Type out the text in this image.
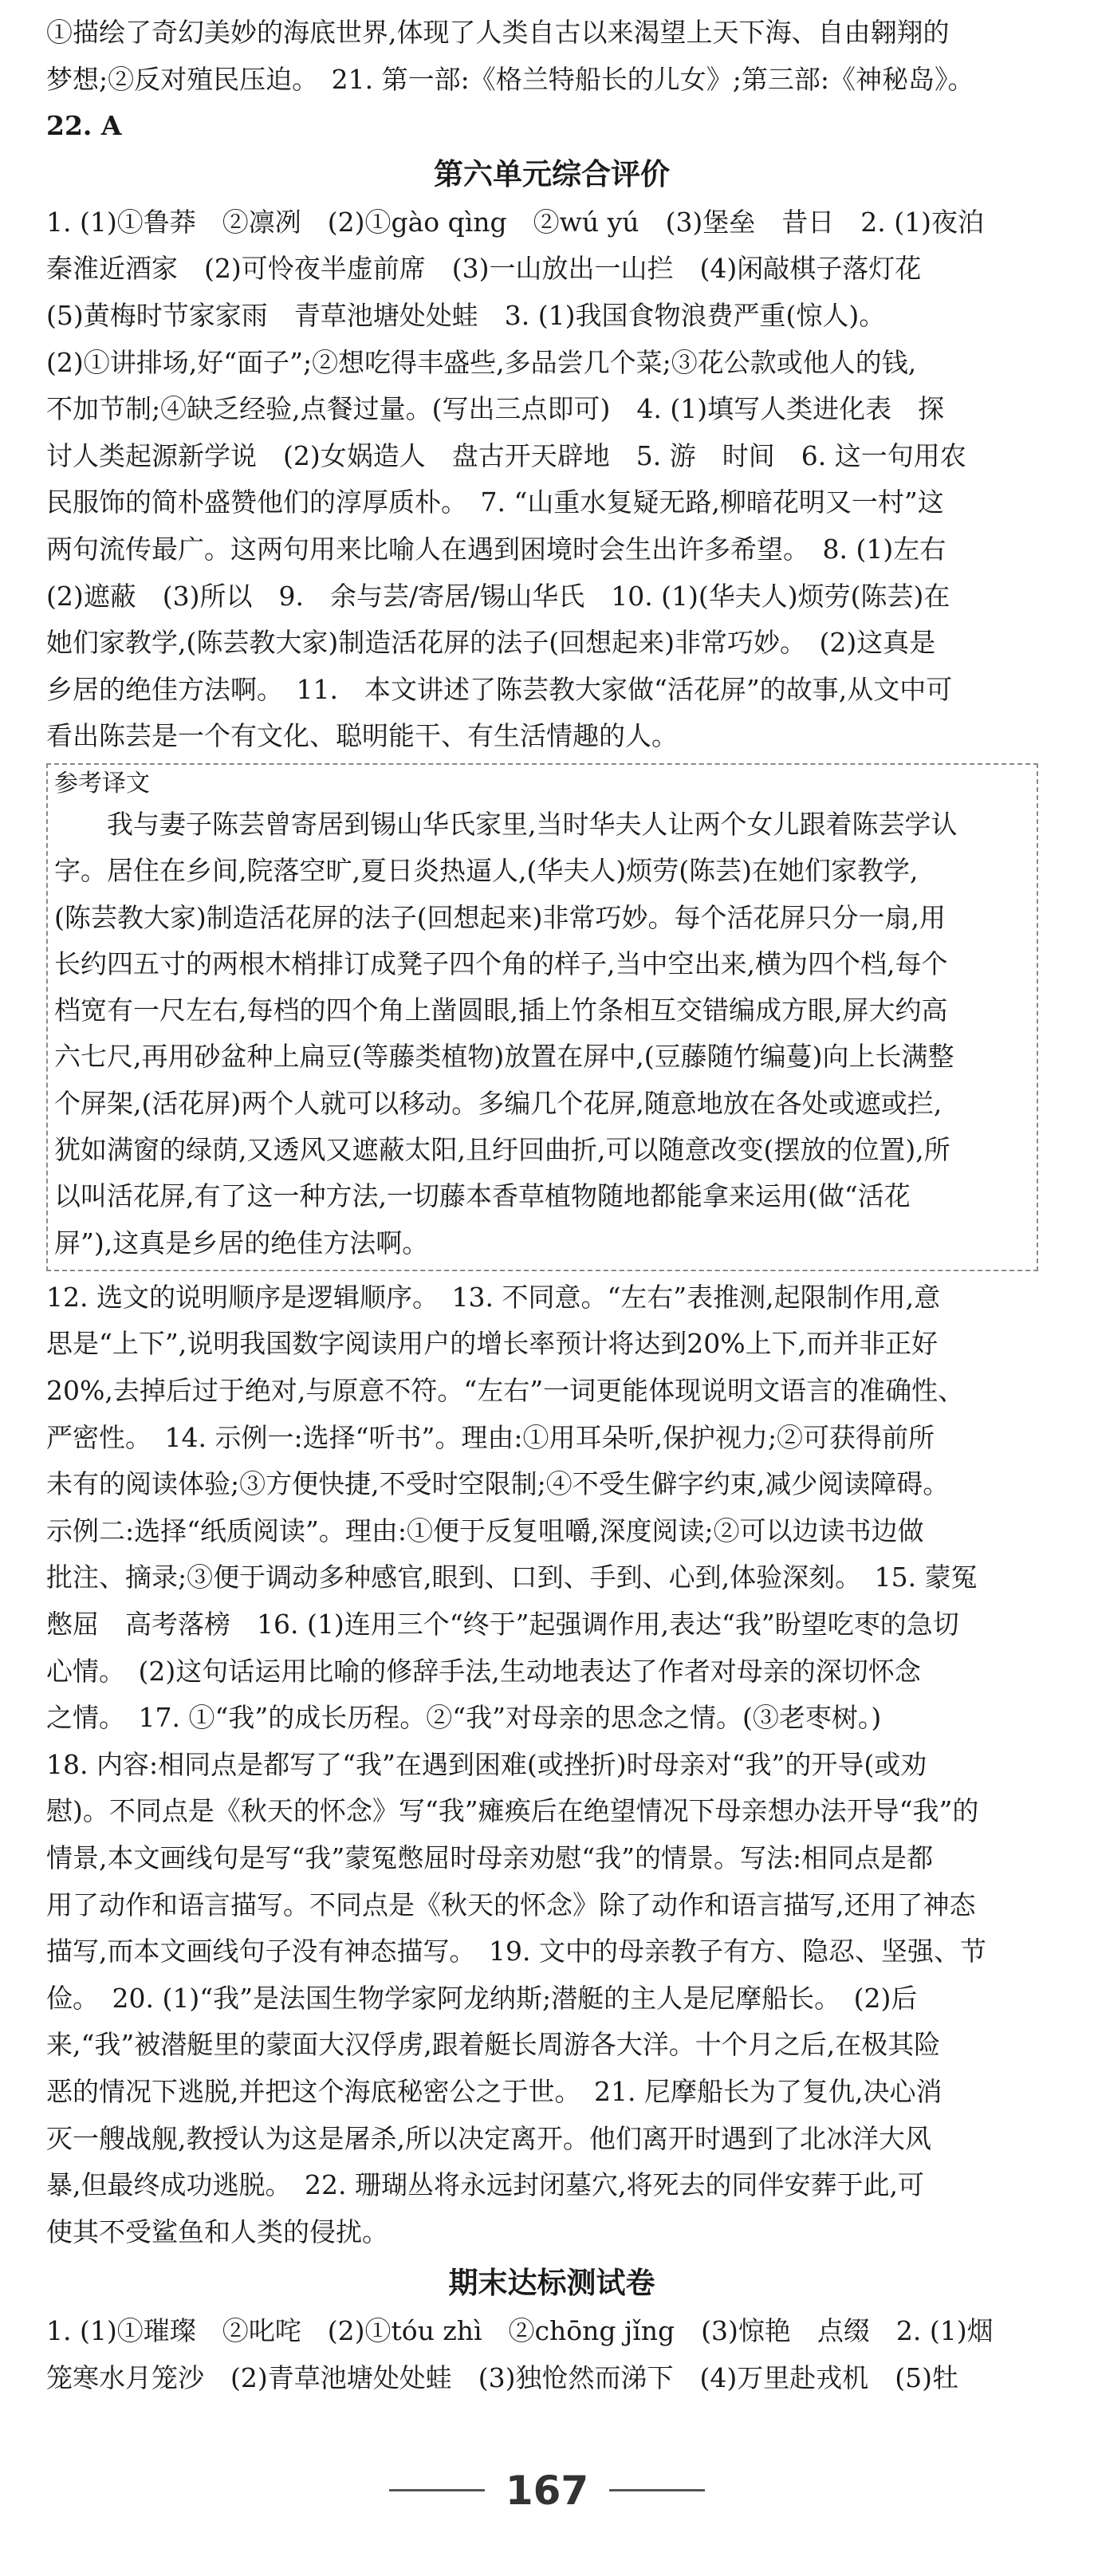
①描绘了奇幻美妙的海底世界,体现了人类自古以来渴望上天下海、自由翱翔的

梦想;②反对殖民压迫。　21. 第一部:《格兰特船长的儿女》;第三部:《神秘岛》。

22. A

第六单元综合评价

1. (1)①鲁莽　②凛冽　(2)①gào qìng　②wú yú　(3)堡垒　昔日　2. (1)夜泊

秦淮近酒家　(2)可怜夜半虚前席　(3)一山放出一山拦　(4)闲敲棋子落灯花

(5)黄梅时节家家雨　青草池塘处处蛙　3. (1)我国食物浪费严重(惊人)。

(2)①讲排场,好“面子”;②想吃得丰盛些,多品尝几个菜;③花公款或他人的钱,

不加节制;④缺乏经验,点餐过量。(写出三点即可)　4. (1)填写人类进化表　探

讨人类起源新学说　(2)女娲造人　盘古开天辟地　5. 游　时间　6. 这一句用农

民服饰的简朴盛赞他们的淳厚质朴。　7. “山重水复疑无路,柳暗花明又一村”这

两句流传最广。这两句用来比喻人在遇到困境时会生出许多希望。　8. (1)左右

(2)遮蔽　(3)所以　9.　余与芸/寄居/锡山华氏　10. (1)(华夫人)烦劳(陈芸)在

她们家教学,(陈芸教大家)制造活花屏的法子(回想起来)非常巧妙。　(2)这真是

乡居的绝佳方法啊。　11.　本文讲述了陈芸教大家做“活花屏”的故事,从文中可

看出陈芸是一个有文化、聪明能干、有生活情趣的人。

参考译文

　　我与妻子陈芸曾寄居到锡山华氏家里,当时华夫人让两个女儿跟着陈芸学认

字。居住在乡间,院落空旷,夏日炎热逼人,(华夫人)烦劳(陈芸)在她们家教学,

(陈芸教大家)制造活花屏的法子(回想起来)非常巧妙。每个活花屏只分一扇,用

长约四五寸的两根木梢排订成凳子四个角的样子,当中空出来,横为四个档,每个

档宽有一尺左右,每档的四个角上凿圆眼,插上竹条相互交错编成方眼,屏大约高

六七尺,再用砂盆种上扁豆(等藤类植物)放置在屏中,(豆藤随竹编蔓)向上长满整

个屏架,(活花屏)两个人就可以移动。多编几个花屏,随意地放在各处或遮或拦,

犹如满窗的绿荫,又透风又遮蔽太阳,且纡回曲折,可以随意改变(摆放的位置),所

以叫活花屏,有了这一种方法,一切藤本香草植物随地都能拿来运用(做“活花

屏”),这真是乡居的绝佳方法啊。

12. 选文的说明顺序是逻辑顺序。　13. 不同意。“左右”表推测,起限制作用,意

思是“上下”,说明我国数字阅读用户的增长率预计将达到20%上下,而并非正好

20%,去掉后过于绝对,与原意不符。“左右”一词更能体现说明文语言的准确性、

严密性。　14. 示例一:选择“听书”。理由:①用耳朵听,保护视力;②可获得前所

未有的阅读体验;③方便快捷,不受时空限制;④不受生僻字约束,减少阅读障碍。

示例二:选择“纸质阅读”。理由:①便于反复咀嚼,深度阅读;②可以边读书边做

批注、摘录;③便于调动多种感官,眼到、口到、手到、心到,体验深刻。　15. 蒙冤

憋屈　高考落榜　16. (1)连用三个“终于”起强调作用,表达“我”盼望吃枣的急切

心情。　(2)这句话运用比喻的修辞手法,生动地表达了作者对母亲的深切怀念

之情。　17. ①“我”的成长历程。②“我”对母亲的思念之情。(③老枣树。)

18. 内容:相同点是都写了“我”在遇到困难(或挫折)时母亲对“我”的开导(或劝

慰)。不同点是《秋天的怀念》写“我”瘫痪后在绝望情况下母亲想办法开导“我”的

情景,本文画线句是写“我”蒙冤憋屈时母亲劝慰“我”的情景。写法:相同点是都

用了动作和语言描写。不同点是《秋天的怀念》除了动作和语言描写,还用了神态

描写,而本文画线句子没有神态描写。　19. 文中的母亲教子有方、隐忍、坚强、节

俭。　20. (1)“我”是法国生物学家阿龙纳斯;潜艇的主人是尼摩船长。　(2)后

来,“我”被潜艇里的蒙面大汉俘虏,跟着艇长周游各大洋。十个月之后,在极其险

恶的情况下逃脱,并把这个海底秘密公之于世。　21. 尼摩船长为了复仇,决心消

灭一艘战舰,教授认为这是屠杀,所以决定离开。他们离开时遇到了北冰洋大风

暴,但最终成功逃脱。　22. 珊瑚丛将永远封闭墓穴,将死去的同伴安葬于此,可

使其不受鲨鱼和人类的侵扰。

期末达标测试卷

1. (1)①璀璨　②叱咤　(2)①tóu zhì　②chōng jǐng　(3)惊艳　点缀　2. (1)烟

笼寒水月笼沙　(2)青草池塘处处蛙　(3)独怆然而涕下　(4)万里赴戎机　(5)牡

167
